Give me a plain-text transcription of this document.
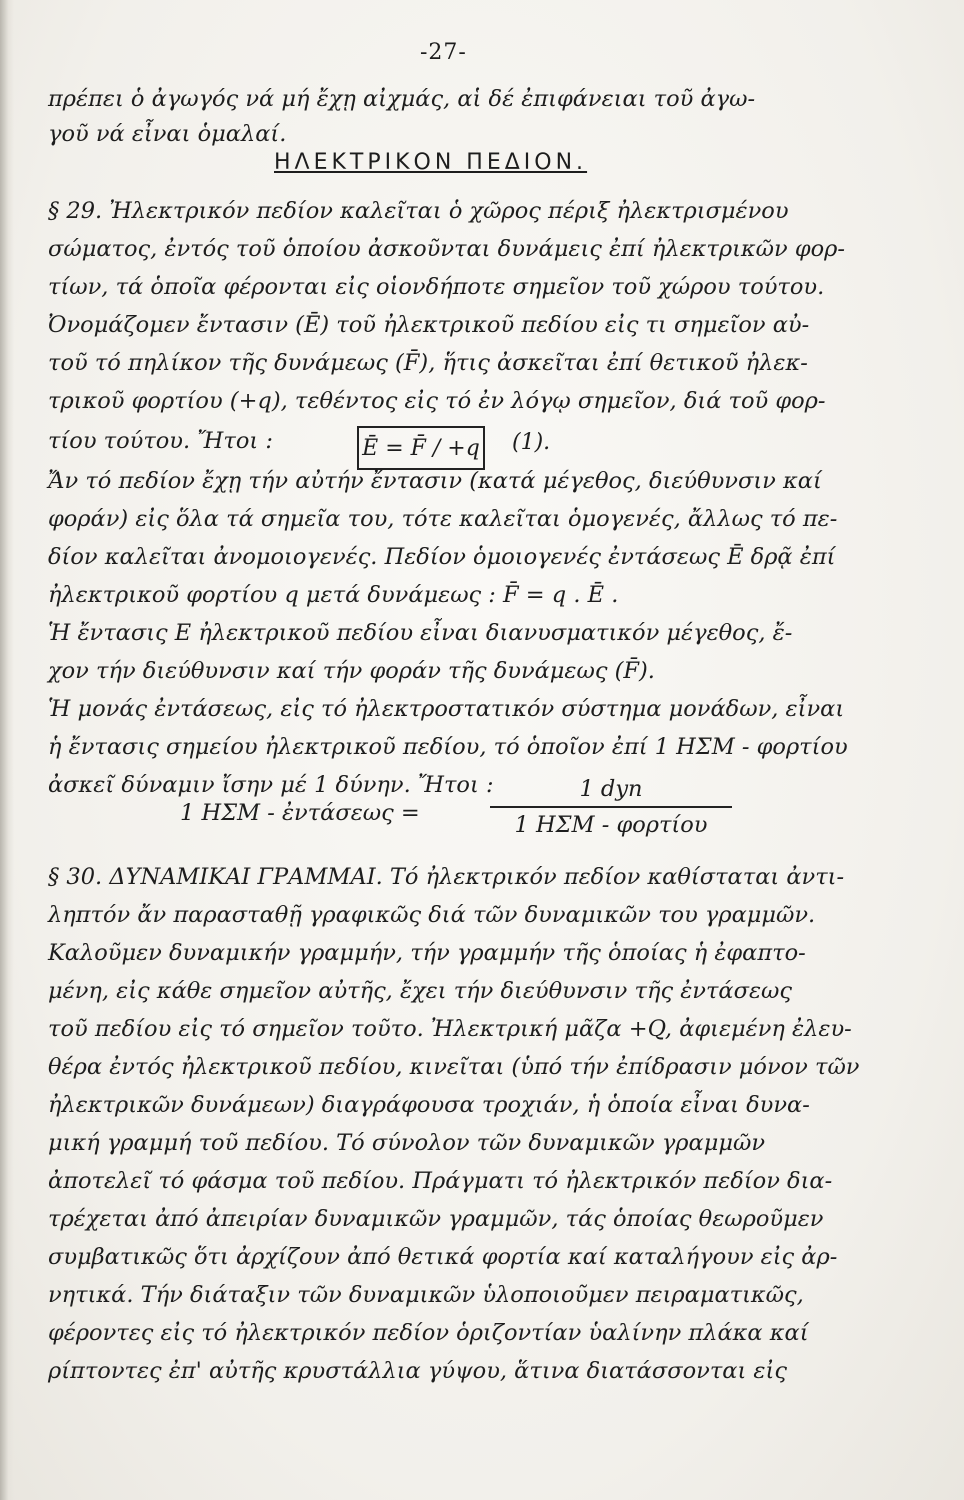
-27-
πρέπει ὁ ἀγωγός νά μή ἔχῃ αἰχμάς, αἱ δέ ἐπιφάνειαι τοῦ ἀγω-
γοῦ νά εἶναι ὁμαλαί.
ΗΛΕΚΤΡΙΚΟΝ ΠΕΔΙΟΝ.
§ 29. Ἠλεκτρικόν πεδίον καλεῖται ὁ χῶρος πέριξ ἠλεκτρισμένου
σώματος, ἐντός τοῦ ὁποίου ἀσκοῦνται δυνάμεις ἐπί ἠλεκτρικῶν φορ-
τίων, τά ὁποῖα φέρονται εἰς οἱονδήποτε σημεῖον τοῦ χώρου τούτου.
Ὀνομάζομεν ἔντασιν (Ē) τοῦ ἠλεκτρικοῦ πεδίου εἰς τι σημεῖον αὐ-
τοῦ τό πηλίκον τῆς δυνάμεως (F̄), ἥτις ἀσκεῖται ἐπί θετικοῦ ἠλεκ-
τρικοῦ φορτίου (+q), τεθέντος εἰς τό ἐν λόγῳ σημεῖον, διά τοῦ φορ-
τίου τούτου. Ἤτοι :	Ē = F̄ / +q (1).
Ἄν τό πεδίον ἔχῃ τήν αὐτήν ἔντασιν (κατά μέγεθος, διεύθυνσιν καί
φοράν) εἰς ὅλα τά σημεῖα του, τότε καλεῖται ὁμογενές, ἄλλως τό πε-
δίον καλεῖται ἀνομοιογενές. Πεδίον ὁμοιογενές ἐντάσεως Ē δρᾷ ἐπί
ἠλεκτρικοῦ φορτίου q μετά δυνάμεως : F̄ = q . Ē .
Ἡ ἔντασις E ἠλεκτρικοῦ πεδίου εἶναι διανυσματικόν μέγεθος, ἔ-
χον τήν διεύθυνσιν καί τήν φοράν τῆς δυνάμεως (F̄).
Ἡ μονάς ἐντάσεως, εἰς τό ἠλεκτροστατικόν σύστημα μονάδων, εἶναι
ἡ ἔντασις σημείου ἠλεκτρικοῦ πεδίου, τό ὁποῖον ἐπί 1 ΗΣΜ - φορτίου
ἀσκεῖ δύναμιν ἴσην μέ 1 δύνην. Ἤτοι :
1 ΗΣΜ - ἐντάσεως =
1 dyn
1 ΗΣΜ - φορτίου
§ 30. ΔΥΝΑΜΙΚΑΙ ΓΡΑΜΜΑΙ. Τό ἠλεκτρικόν πεδίον καθίσταται ἀντι-
ληπτόν ἄν παρασταθῇ γραφικῶς διά τῶν δυναμικῶν του γραμμῶν.
Καλοῦμεν δυναμικήν γραμμήν, τήν γραμμήν τῆς ὁποίας ἡ ἐφαπτο-
μένη, εἰς κάθε σημεῖον αὐτῆς, ἔχει τήν διεύθυνσιν τῆς ἐντάσεως
τοῦ πεδίου εἰς τό σημεῖον τοῦτο. Ἠλεκτρική μᾶζα +Q, ἀφιεμένη ἐλευ-
θέρα ἐντός ἠλεκτρικοῦ πεδίου, κινεῖται (ὑπό τήν ἐπίδρασιν μόνον τῶν
ἠλεκτρικῶν δυνάμεων) διαγράφουσα τροχιάν, ἡ ὁποία εἶναι δυνα-
μική γραμμή τοῦ πεδίου. Τό σύνολον τῶν δυναμικῶν γραμμῶν
ἀποτελεῖ τό φάσμα τοῦ πεδίου. Πράγματι τό ἠλεκτρικόν πεδίον δια-
τρέχεται ἀπό ἀπειρίαν δυναμικῶν γραμμῶν, τάς ὁποίας θεωροῦμεν
συμβατικῶς ὅτι ἀρχίζουν ἀπό θετικά φορτία καί καταλήγουν εἰς ἀρ-
νητικά. Τήν διάταξιν τῶν δυναμικῶν ὑλοποιοῦμεν πειραματικῶς,
φέροντες εἰς τό ἠλεκτρικόν πεδίον ὁριζοντίαν ὑαλίνην πλάκα καί
ρίπτοντες ἐπ' αὐτῆς κρυστάλλια γύψου, ἅτινα διατάσσονται εἰς
